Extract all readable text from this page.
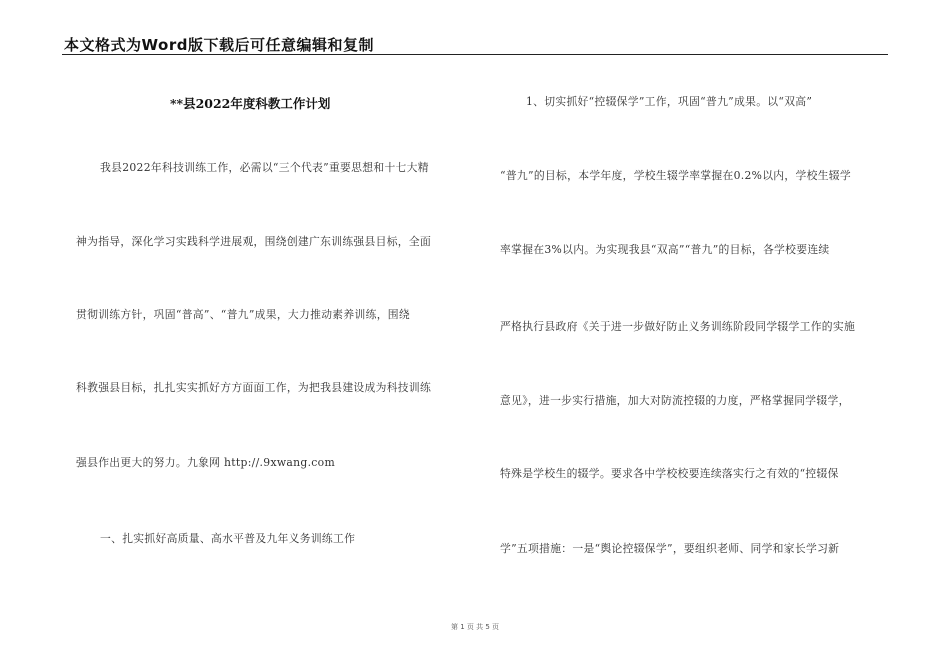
本文格式为Word版下载后可任意编辑和复制
**县2022年度科教工作计划
我县2022年科技训练工作，必需以“三个代表”重要思想和十七大精
神为指导，深化学习实践科学进展观，围绕创建广东训练强县目标，全面
贯彻训练方针，巩固“普高”、“普九”成果，大力推动素养训练，围绕
科教强县目标，扎扎实实抓好方方面面工作，为把我县建设成为科技训练
强县作出更大的努力。九象网 http://.9xwang.com
一、扎实抓好高质量、高水平普及九年义务训练工作
1、切实抓好“控辍保学”工作，巩固“普九”成果。以“双高”
“普九”的目标，本学年度，学校生辍学率掌握在0.2%以内，学校生辍学
率掌握在3%以内。为实现我县“双高”“普九”的目标，各学校要连续
严格执行县政府《关于进一步做好防止义务训练阶段同学辍学工作的实施
意见》，进一步实行措施，加大对防流控辍的力度，严格掌握同学辍学，
特殊是学校生的辍学。要求各中学校校要连续落实行之有效的“控辍保
学”五项措施：一是“舆论控辍保学”，要组织老师、同学和家长学习新
第 1 页 共 5 页
